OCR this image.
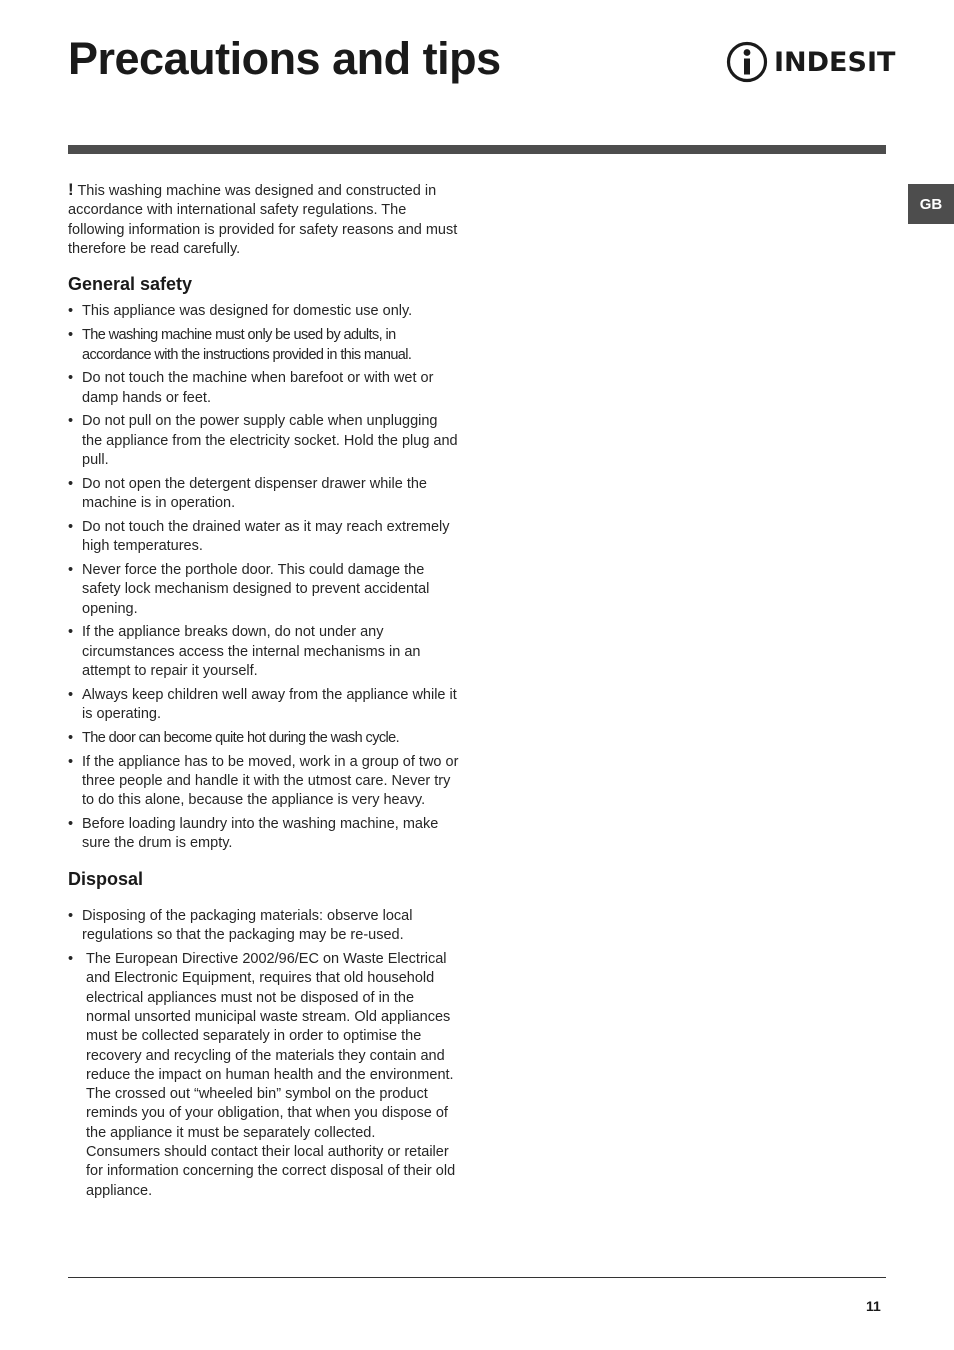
Precautions and tips	INDESIT
GB

! This washing machine was designed and constructed in accordance with international safety regulations. The following information is provided for safety reasons and must therefore be read carefully.

General safety
• This appliance was designed for domestic use only.
• The washing machine must only be used by adults, in accordance with the instructions provided in this manual.
• Do not touch the machine when barefoot or with wet or damp hands or feet.
• Do not pull on the power supply cable when unplugging the appliance from the electricity socket. Hold the plug and pull.
• Do not open the detergent dispenser drawer while the machine is in operation.
• Do not touch the drained water as it may reach extremely high temperatures.
• Never force the porthole door. This could damage the safety lock mechanism designed to prevent accidental opening.
• If the appliance breaks down, do not under any circumstances access the internal mechanisms in an attempt to repair it yourself.
• Always keep children well away from the appliance while it is operating.
• The door can become quite hot during the wash cycle.
• If the appliance has to be moved, work in a group of two or three people and handle it with the utmost care. Never try to do this alone, because the appliance is very heavy.
• Before loading laundry into the washing machine, make sure the drum is empty.
Disposal
• Disposing of the packaging materials: observe local regulations so that the packaging may be re-used.
• The European Directive 2002/96/EC on Waste Electrical and Electronic Equipment, requires that old household electrical appliances must not be disposed of in the normal unsorted municipal waste stream. Old appliances must be collected separately in order to optimise the recovery and recycling of the materials they contain and reduce the impact on human health and the environment. The crossed out “wheeled bin” symbol on the product reminds you of your obligation, that when you dispose of the appliance it must be separately collected.
Consumers should contact their local authority or retailer for information concerning the correct disposal of their old appliance.
11
